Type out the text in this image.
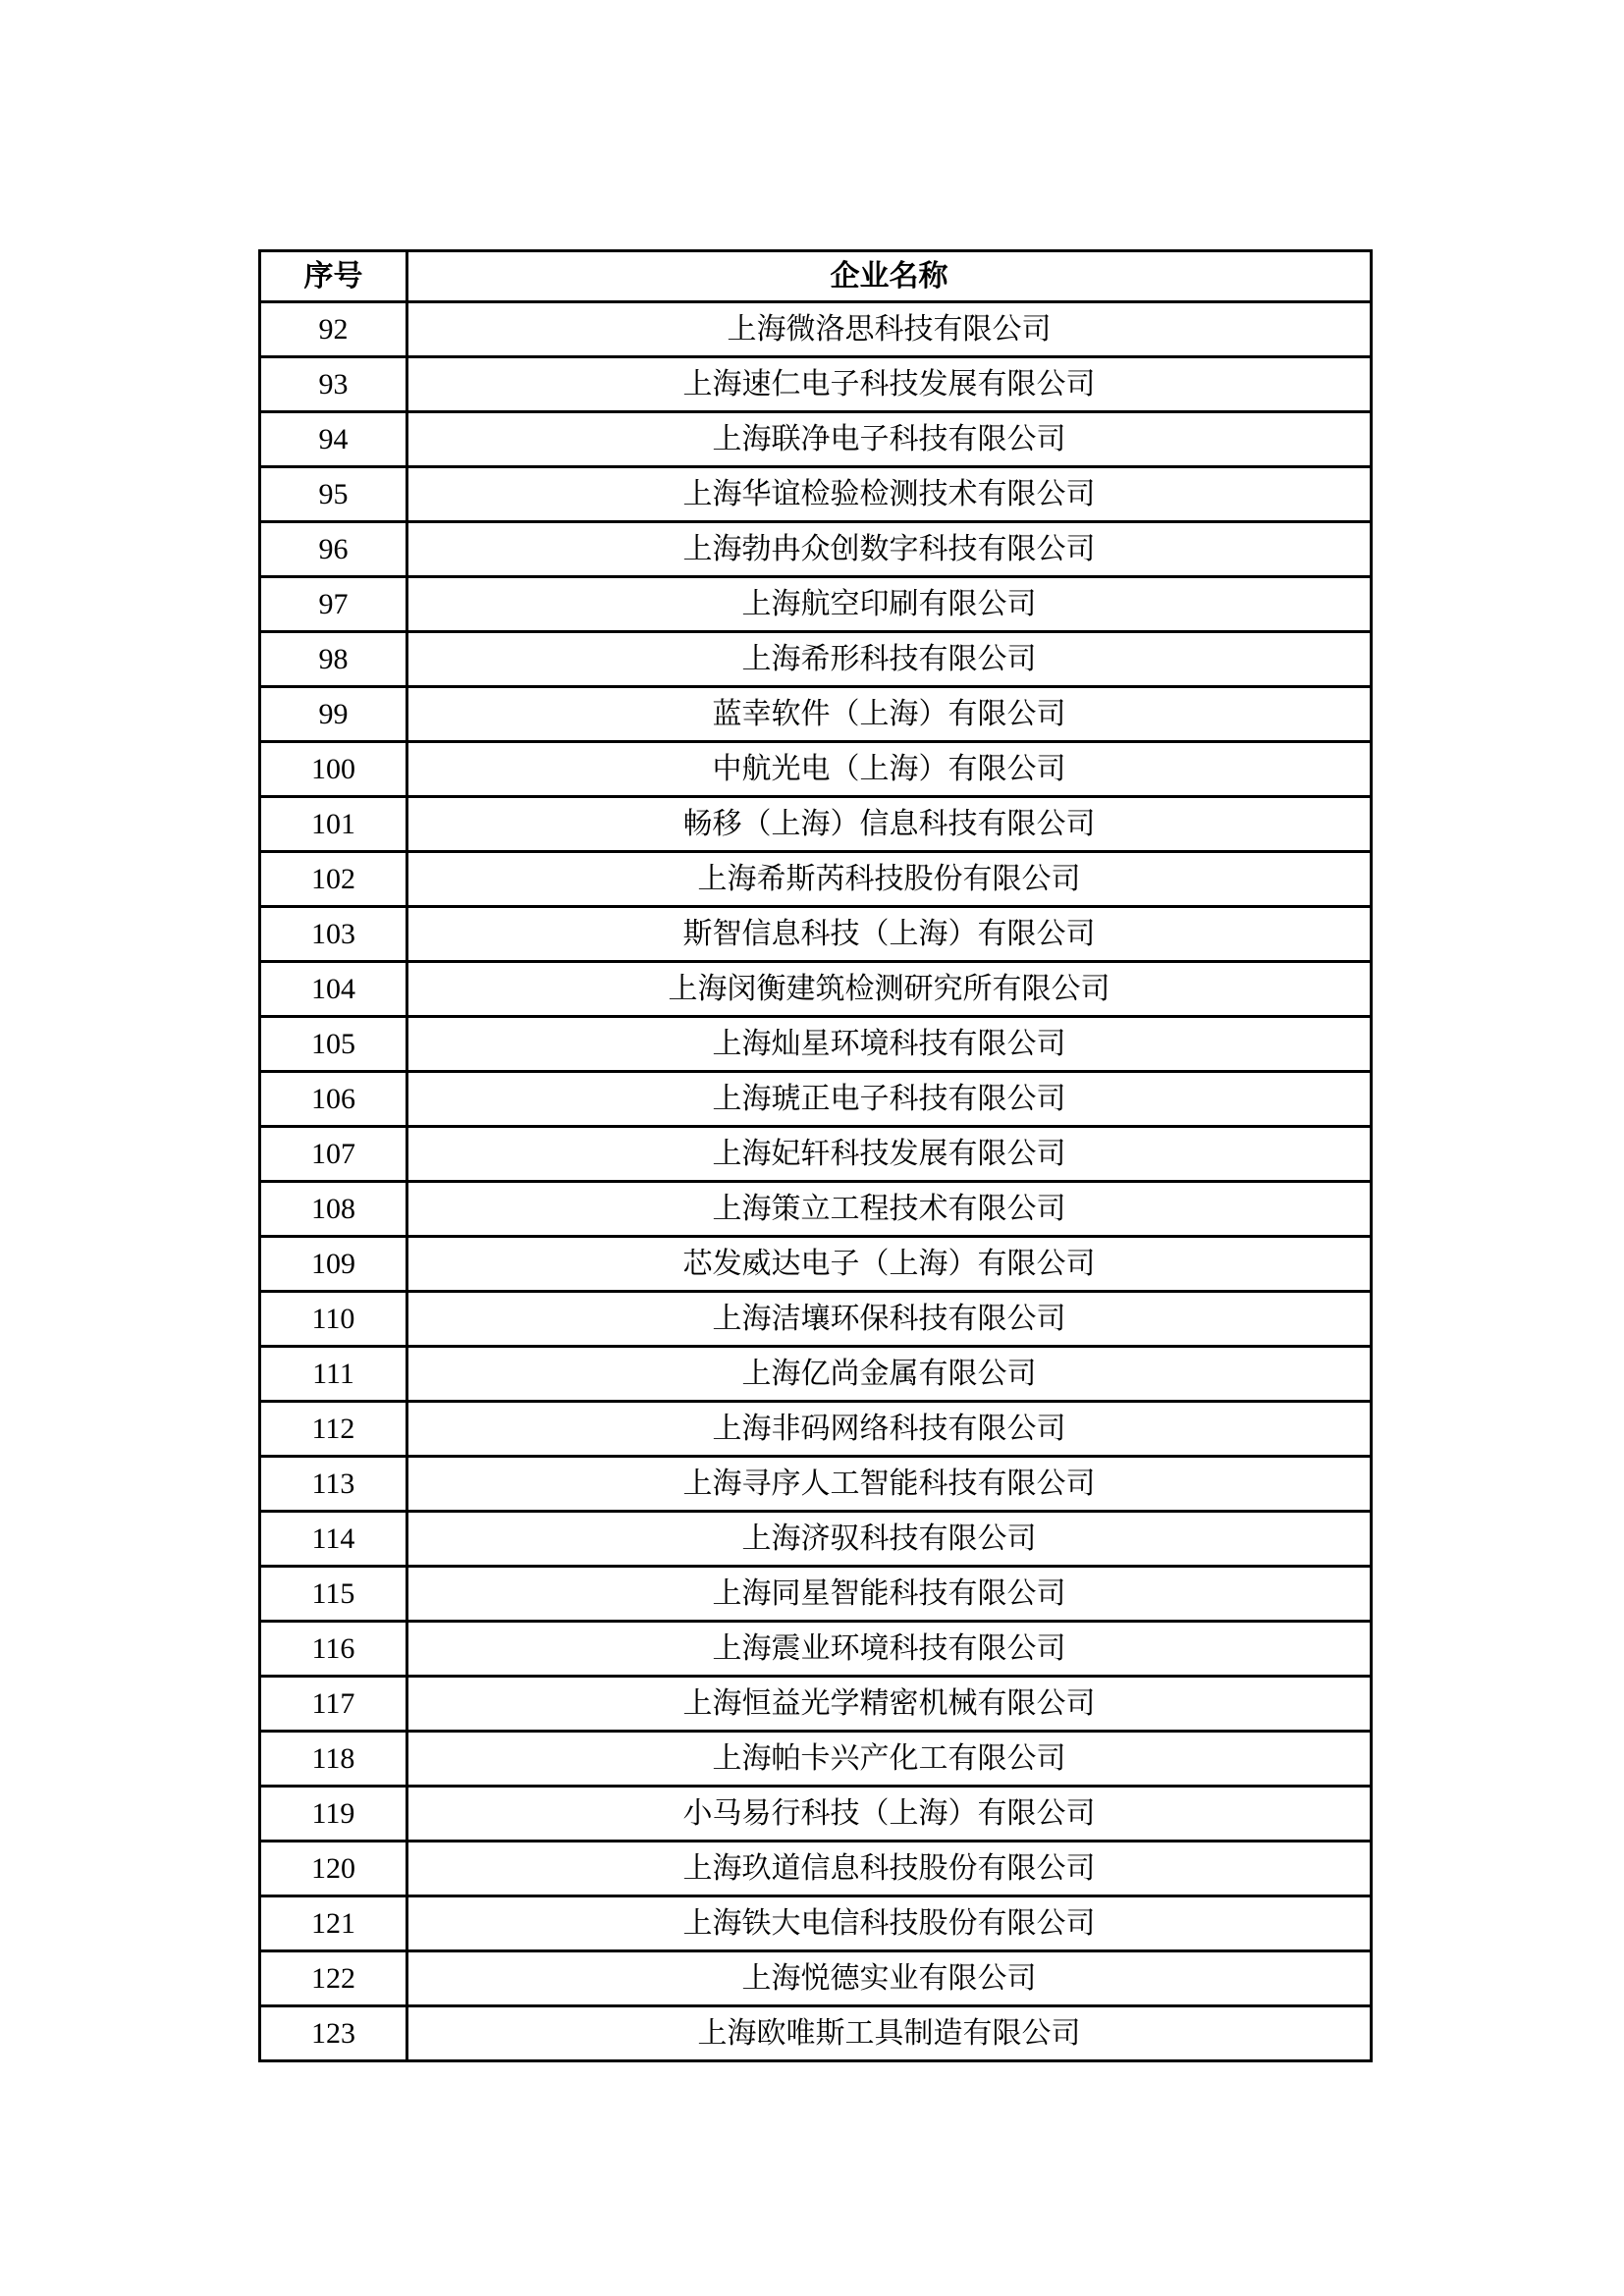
序号	企业名称
92	上海微洛思科技有限公司
93	上海速仁电子科技发展有限公司
94	上海联净电子科技有限公司
95	上海华谊检验检测技术有限公司
96	上海勃冉众创数字科技有限公司
97	上海航空印刷有限公司
98	上海希形科技有限公司
99	蓝幸软件（上海）有限公司
100	中航光电（上海）有限公司
101	畅移（上海）信息科技有限公司
102	上海希斯芮科技股份有限公司
103	斯智信息科技（上海）有限公司
104	上海闵衡建筑检测研究所有限公司
105	上海灿星环境科技有限公司
106	上海琥正电子科技有限公司
107	上海妃轩科技发展有限公司
108	上海策立工程技术有限公司
109	芯发威达电子（上海）有限公司
110	上海洁壤环保科技有限公司
111	上海亿尚金属有限公司
112	上海非码网络科技有限公司
113	上海寻序人工智能科技有限公司
114	上海济驭科技有限公司
115	上海同星智能科技有限公司
116	上海震业环境科技有限公司
117	上海恒益光学精密机械有限公司
118	上海帕卡兴产化工有限公司
119	小马易行科技（上海）有限公司
120	上海玖道信息科技股份有限公司
121	上海铁大电信科技股份有限公司
122	上海悦德实业有限公司
123	上海欧唯斯工具制造有限公司
